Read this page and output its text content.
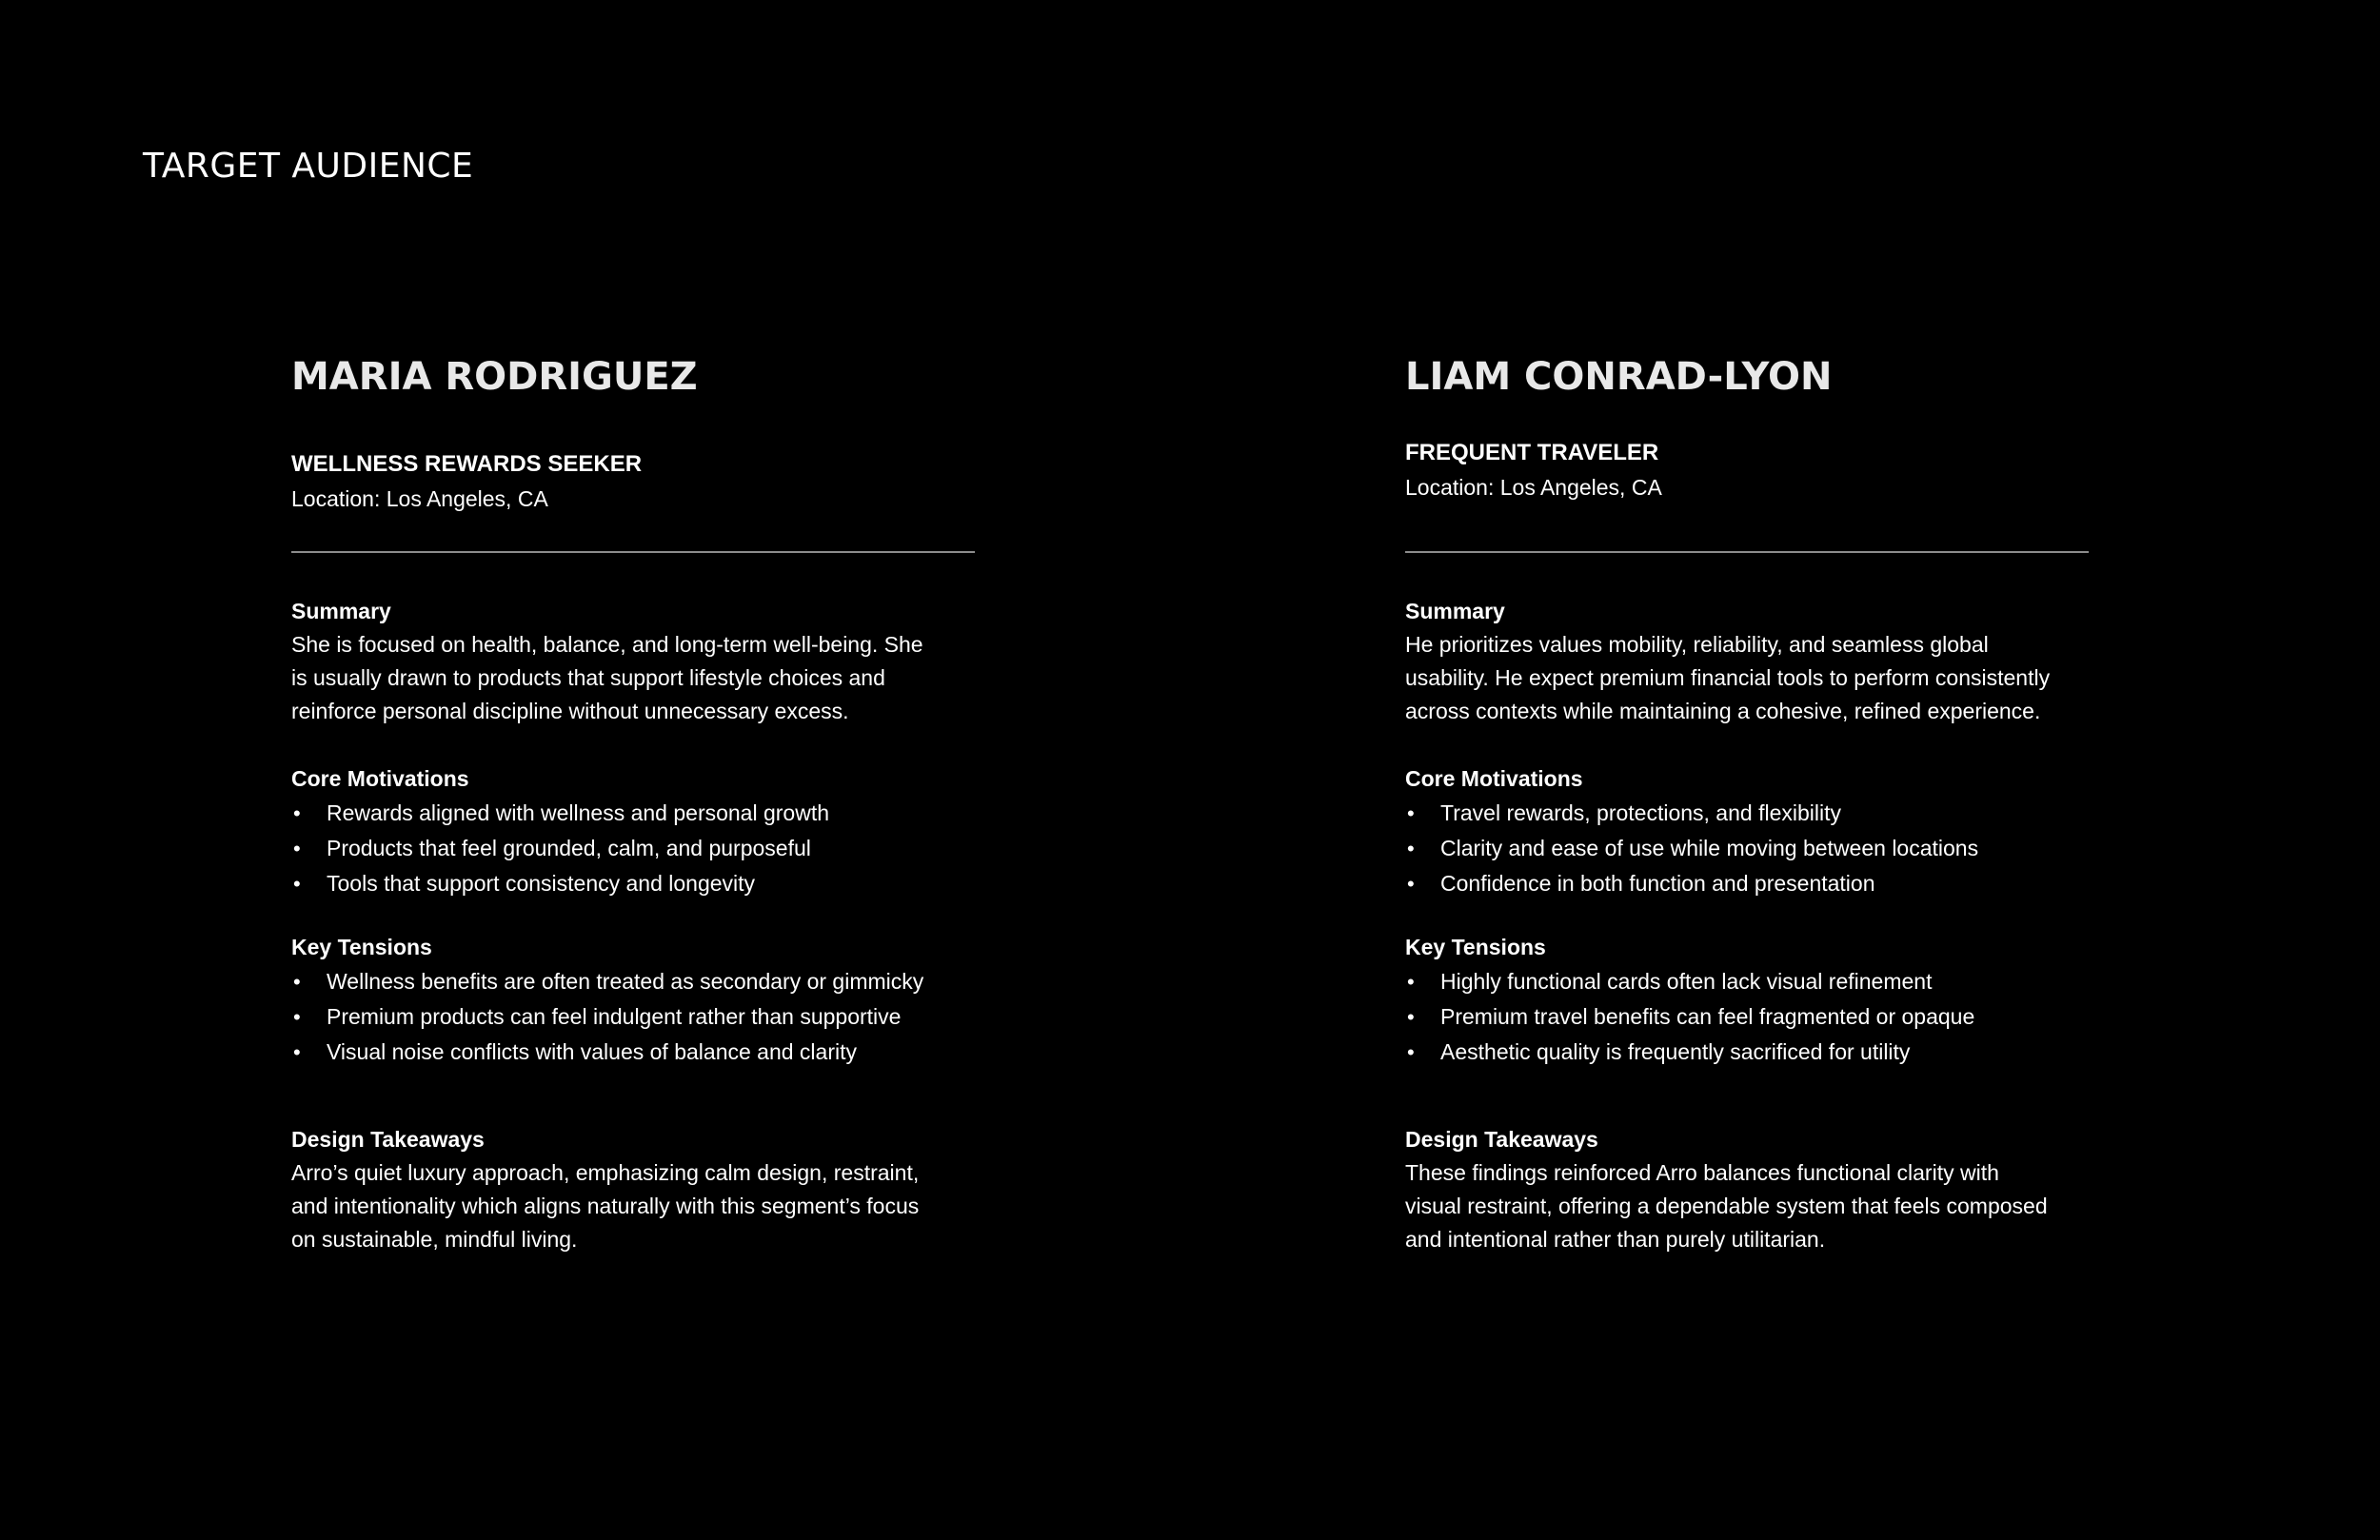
TARGET AUDIENCE
MARIA RODRIGUEZ

WELLNESS REWARDS SEEKER

Location: Los Angeles, CA

Summary

She is focused on health, balance, and long-term well-being. She
is usually drawn to products that support lifestyle choices and
reinforce personal discipline without unnecessary excess.

Core Motivations

• Rewards aligned with wellness and personal growth
• Products that feel grounded, calm, and purposeful
• Tools that support consistency and longevity

Key Tensions

• Wellness benefits are often treated as secondary or gimmicky
• Premium products can feel indulgent rather than supportive
• Visual noise conflicts with values of balance and clarity

Design Takeaways

Arro’s quiet luxury approach, emphasizing calm design, restraint,
and intentionality which aligns naturally with this segment’s focus
on sustainable, mindful living.

LIAM CONRAD-LYON

FREQUENT TRAVELER

Location: Los Angeles, CA

Summary

He prioritizes values mobility, reliability, and seamless global
usability. He expect premium financial tools to perform consistently
across contexts while maintaining a cohesive, refined experience.

Core Motivations

• Travel rewards, protections, and flexibility
• Clarity and ease of use while moving between locations
• Confidence in both function and presentation

Key Tensions

• Highly functional cards often lack visual refinement
• Premium travel benefits can feel fragmented or opaque
• Aesthetic quality is frequently sacrificed for utility

Design Takeaways

These findings reinforced Arro balances functional clarity with
visual restraint, offering a dependable system that feels composed
and intentional rather than purely utilitarian.
